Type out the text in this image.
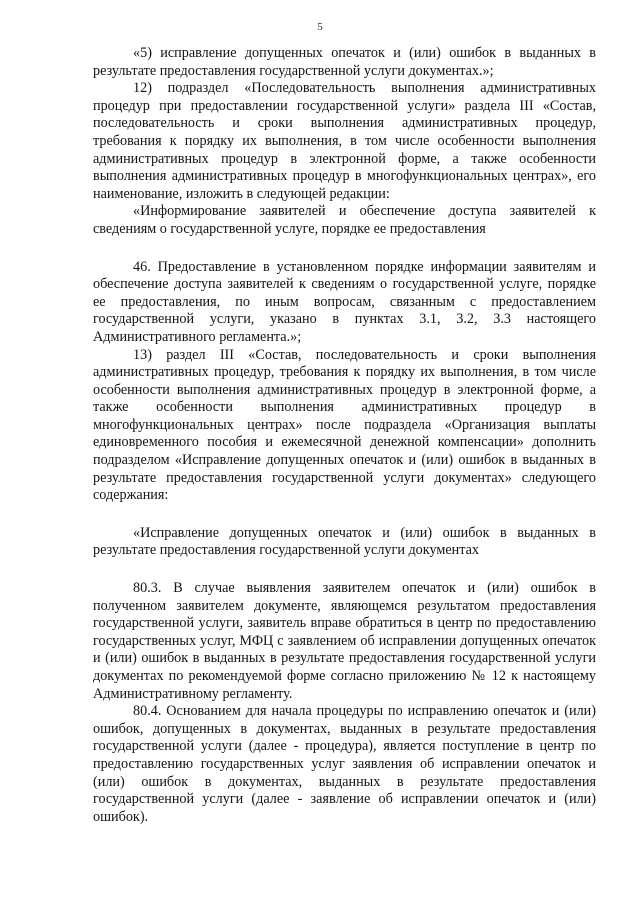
5

«5) исправление допущенных опечаток и (или) ошибок в выданных в результате предоставления государственной услуги документах.»;

12) подраздел «Последовательность выполнения административных процедур при предоставлении государственной услуги» раздела III «Состав, последовательность и сроки выполнения административных процедур, требования к порядку их выполнения, в том числе особенности выполнения административных процедур в электронной форме, а также особенности выполнения административных процедур в многофункциональных центрах», его наименование, изложить в следующей редакции:

«Информирование заявителей и обеспечение доступа заявителей к сведениям о государственной услуге, порядке ее предоставления

46. Предоставление в установленном порядке информации заявителям и обеспечение доступа заявителей к сведениям о государственной услуге, порядке ее предоставления, по иным вопросам, связанным с предоставлением государственной услуги, указано в пунктах 3.1, 3.2, 3.3 настоящего Административного регламента.»;

13) раздел III «Состав, последовательность и сроки выполнения административных процедур, требования к порядку их выполнения, в том числе особенности выполнения административных процедур в электронной форме, а также особенности выполнения административных процедур в многофункциональных центрах» после подраздела «Организация выплаты единовременного пособия и ежемесячной денежной компенсации» дополнить подразделом «Исправление допущенных опечаток и (или) ошибок в выданных в результате предоставления государственной услуги документах» следующего содержания:

«Исправление допущенных опечаток и (или) ошибок в выданных в результате предоставления государственной услуги документах

80.3. В случае выявления заявителем опечаток и (или) ошибок в полученном заявителем документе, являющемся результатом предоставления государственной услуги, заявитель вправе обратиться в центр по предоставлению государственных услуг, МФЦ с заявлением об исправлении допущенных опечаток и (или) ошибок в выданных в результате предоставления государственной услуги документах по рекомендуемой форме согласно приложению № 12 к настоящему Административному регламенту.

80.4. Основанием для начала процедуры по исправлению опечаток и (или) ошибок, допущенных в документах, выданных в результате предоставления государственной услуги (далее - процедура), является поступление в центр по предоставлению государственных услуг заявления об исправлении опечаток и (или) ошибок в документах, выданных в результате предоставления государственной услуги (далее - заявление об исправлении опечаток и (или) ошибок).
